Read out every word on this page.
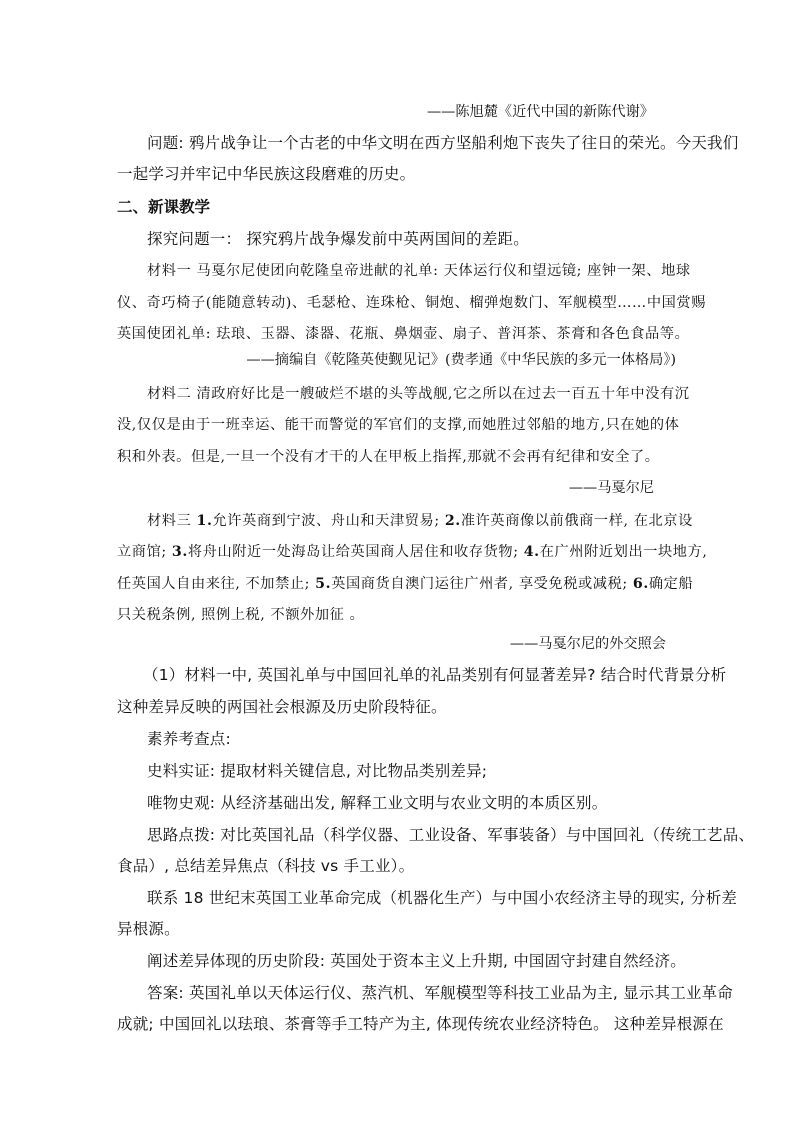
——陈旭麓《近代中国的新陈代谢》
问题: 鸦片战争让一个古老的中华文明在西方坚船利炮下丧失了往日的荣光。今天我们
一起学习并牢记中华民族这段磨难的历史。
二、新课教学
探究问题一： 探究鸦片战争爆发前中英两国间的差距。
材料一 马戛尔尼使团向乾隆皇帝进献的礼单: 天体运行仪和望远镜; 座钟一架、地球
仪、奇巧椅子(能随意转动)、毛瑟枪、连珠枪、铜炮、榴弹炮数门、军舰模型……中国赏赐
英国使团礼单: 珐琅、玉器、漆器、花瓶、鼻烟壶、扇子、普洱茶、茶膏和各色食品等。
——摘编自《乾隆英使觐见记》(费孝通《中华民族的多元一体格局》)
材料二 清政府好比是一艘破烂不堪的头等战舰,它之所以在过去一百五十年中没有沉
没,仅仅是由于一班幸运、能干而警觉的军官们的支撑,而她胜过邻船的地方,只在她的体
积和外表。但是,一旦一个没有才干的人在甲板上指挥,那就不会再有纪律和安全了。
——马戛尔尼
材料三 1.允许英商到宁波、舟山和天津贸易; 2.准许英商像以前俄商一样, 在北京设
立商馆; 3.将舟山附近一处海岛让给英国商人居住和收存货物; 4.在广州附近划出一块地方,
任英国人自由来往, 不加禁止; 5.英国商货自澳门运往广州者, 享受免税或减税; 6.确定船
只关税条例, 照例上税, 不额外加征 。
——马戛尔尼的外交照会
（1）材料一中, 英国礼单与中国回礼单的礼品类别有何显著差异? 结合时代背景分析
这种差异反映的两国社会根源及历史阶段特征。
素养考查点:
史料实证: 提取材料关键信息, 对比物品类别差异;
唯物史观: 从经济基础出发, 解释工业文明与农业文明的本质区别。
思路点拨: 对比英国礼品（科学仪器、工业设备、军事装备）与中国回礼（传统工艺品、
食品）, 总结差异焦点（科技 vs 手工业）。
联系 18 世纪末英国工业革命完成（机器化生产）与中国小农经济主导的现实, 分析差
异根源。
阐述差异体现的历史阶段: 英国处于资本主义上升期, 中国固守封建自然经济。
答案: 英国礼单以天体运行仪、蒸汽机、军舰模型等科技工业品为主, 显示其工业革命
成就; 中国回礼以珐琅、茶膏等手工特产为主, 体现传统农业经济特色。 这种差异根源在
